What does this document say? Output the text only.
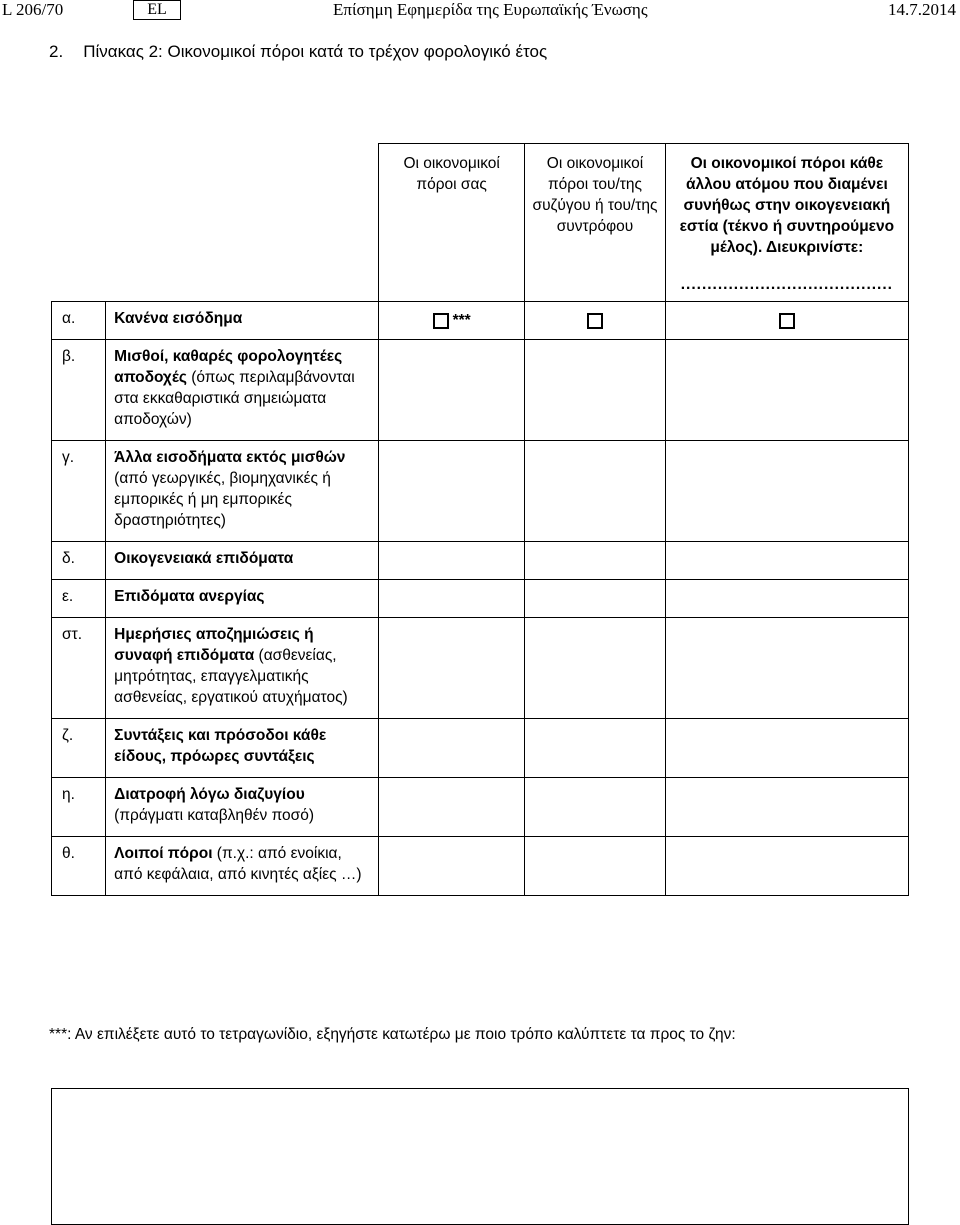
L 206/70	EL	Επίσημη Εφημερίδα της Ευρωπαϊκής Ένωσης	14.7.2014
2. Πίνακας 2: Οικονομικοί πόροι κατά το τρέχον φορολογικό έτος
		Οι οικονομικοί πόροι σας	Οι οικονομικοί πόροι του/της συζύγου ή του/της συντρόφου	Οι οικονομικοί πόροι κάθε άλλου ατόμου που διαμένει συνήθως στην οικογενειακή εστία (τέκνο ή συντηρούμενο μέλος). Διευκρινίστε:
........................................

α.	Κανένα εισόδημα	***		
β.	Μισθοί, καθαρές φορολογητέες αποδοχές (όπως περιλαμβάνονται στα εκκαθαριστικά σημειώματα αποδοχών)			
γ.	Άλλα εισοδήματα εκτός μισθών (από γεωργικές, βιομηχανικές ή εμπορικές ή μη εμπορικές δραστηριότητες)			
δ.	Οικογενειακά επιδόματα			
ε.	Επιδόματα ανεργίας			
στ.	Ημερήσιες αποζημιώσεις ή συναφή επιδόματα (ασθενείας, μητρότητας, επαγγελματικής ασθενείας, εργατικού ατυχήματος)			
ζ.	Συντάξεις και πρόσοδοι κάθε είδους, πρόωρες συντάξεις			
η.	Διατροφή λόγω διαζυγίου (πράγματι καταβληθέν ποσό)			
θ.	Λοιποί πόροι (π.χ.: από ενοίκια, από κεφάλαια, από κινητές αξίες …)			
***: Αν επιλέξετε αυτό το τετραγωνίδιο, εξηγήστε κατωτέρω με ποιο τρόπο καλύπτετε τα προς το ζην:
